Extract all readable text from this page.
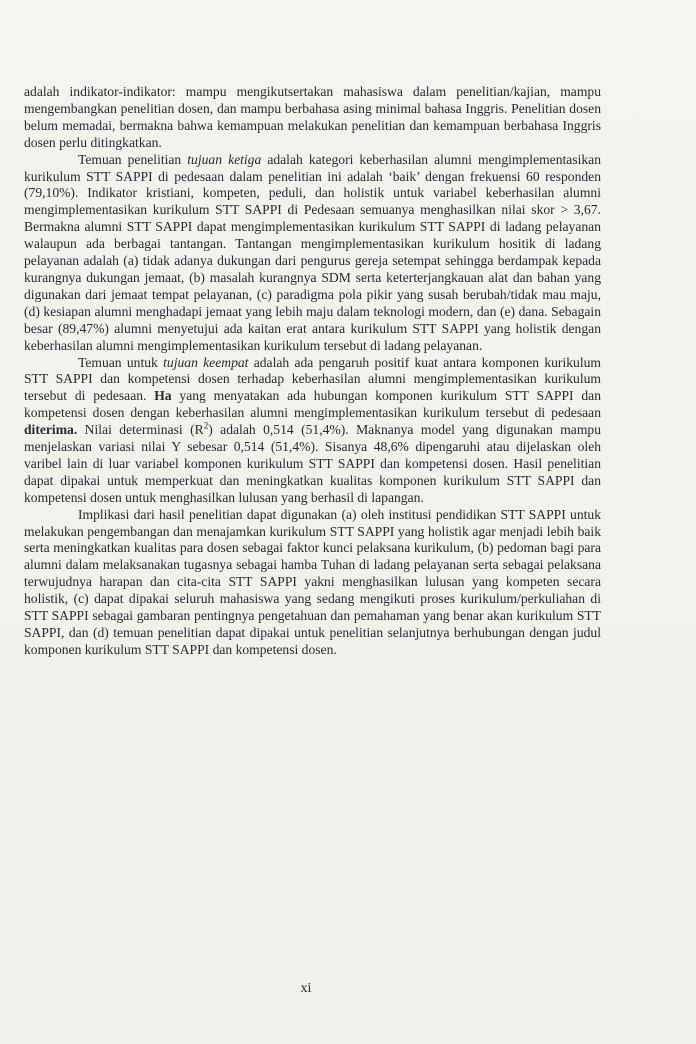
adalah indikator-indikator: mampu mengikutsertakan mahasiswa dalam penelitian/kajian, mampu mengembangkan penelitian dosen, dan mampu berbahasa asing minimal bahasa Inggris. Penelitian dosen belum memadai, bermakna bahwa kemampuan melakukan penelitian dan kemampuan berbahasa Inggris dosen perlu ditingkatkan.

Temuan penelitian tujuan ketiga adalah kategori keberhasilan alumni mengimplementasikan kurikulum STT SAPPI di pedesaan dalam penelitian ini adalah ‘baik’ dengan frekuensi 60 responden (79,10%). Indikator kristiani, kompeten, peduli, dan holistik untuk variabel keberhasilan alumni mengimplementasikan kurikulum STT SAPPI di Pedesaan semuanya menghasilkan nilai skor > 3,67. Bermakna alumni STT SAPPI dapat mengimplementasikan kurikulum STT SAPPI di ladang pelayanan walaupun ada berbagai tantangan. Tantangan mengimplementasikan kurikulum hositik di ladang pelayanan adalah (a) tidak adanya dukungan dari pengurus gereja setempat sehingga berdampak kepada kurangnya dukungan jemaat, (b) masalah kurangnya SDM serta keterterjangkauan alat dan bahan yang digunakan dari jemaat tempat pelayanan, (c) paradigma pola pikir yang susah berubah/tidak mau maju, (d) kesiapan alumni menghadapi jemaat yang lebih maju dalam teknologi modern, dan (e) dana. Sebagain besar (89,47%) alumni menyetujui ada kaitan erat antara kurikulum STT SAPPI yang holistik dengan keberhasilan alumni mengimplementasikan kurikulum tersebut di ladang pelayanan.

Temuan untuk tujuan keempat adalah ada pengaruh positif kuat antara komponen kurikulum STT SAPPI dan kompetensi dosen terhadap keberhasilan alumni mengimplementasikan kurikulum tersebut di pedesaan. Ha yang menyatakan ada hubungan komponen kurikulum STT SAPPI dan kompetensi dosen dengan keberhasilan alumni mengimplementasikan kurikulum tersebut di pedesaan diterima. Nilai determinasi $(R^2)$ adalah 0,514 (51,4%). Maknanya model yang digunakan mampu menjelaskan variasi nilai Y sebesar 0,514 (51,4%). Sisanya 48,6% dipengaruhi atau dijelaskan oleh varibel lain di luar variabel komponen kurikulum STT SAPPI dan kompetensi dosen. Hasil penelitian dapat dipakai untuk memperkuat dan meningkatkan kualitas komponen kurikulum STT SAPPI dan kompetensi dosen untuk menghasilkan lulusan yang berhasil di lapangan.

Implikasi dari hasil penelitian dapat digunakan (a) oleh institusi pendidikan STT SAPPI untuk melakukan pengembangan dan menajamkan kurikulum STT SAPPI yang holistik agar menjadi lebih baik serta meningkatkan kualitas para dosen sebagai faktor kunci pelaksana kurikulum, (b) pedoman bagi para alumni dalam melaksanakan tugasnya sebagai hamba Tuhan di ladang pelayanan serta sebagai pelaksana terwujudnya harapan dan cita-cita STT SAPPI yakni menghasilkan lulusan yang kompeten secara holistik, (c) dapat dipakai seluruh mahasiswa yang sedang mengikuti proses kurikulum/perkuliahan di STT SAPPI sebagai gambaran pentingnya pengetahuan dan pemahaman yang benar akan kurikulum STT SAPPI, dan (d) temuan penelitian dapat dipakai untuk penelitian selanjutnya berhubungan dengan judul komponen kurikulum STT SAPPI dan kompetensi dosen.

xi
